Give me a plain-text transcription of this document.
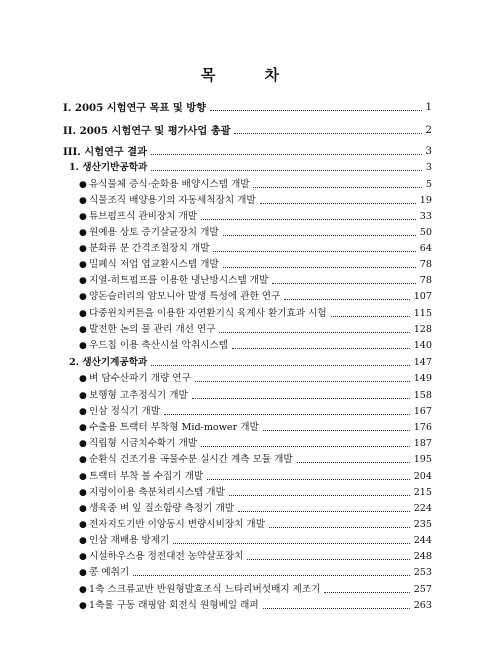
목 차
I. 2005 시험연구 목표 및 방향	1
II. 2005 시험연구 및 평가사업 총괄	2
III. 시험연구 결과	3
1. 생산기반공학과	3
● 유식물체 증식·순화용 배양시스템 개발	5
● 식물조직 배양용기의 자동세척장치 개발	19
● 튜브펌프식 관비장치 개발	33
● 원예용 상토 증기살균장치 개발	50
● 분화류 분 간격조절장치 개발	64
● 밀폐식 저업 엽교환시스템 개발	78
● 지열-히트펌프를 이용한 냉난방시스템 개발	78
● 양돈슬러리의 암모니아 발생 특성에 관한 연구	107
● 다중윈치커튼을 이용한 자연환기식 육계사 환기효과 시험	115
● 발전한 논의 물 관리 개선 연구	128
● 우드칩 이용 축산시설 악취시스템	140
2. 생산기계공학과	147
● 벼 담수산파기 개량 연구	149
● 보행형 고추정식기 개발	158
● 인삼 정식기 개발	167
● 수출용 트랙터 부착형 Mid-mower 개발	176
● 직립형 시금치수확기 개발	187
● 순환식 건조기용 곡물수분 실시간 계측 모듈 개발	195
● 트랙터 부착 볼 수집기 개발	204
● 지렁이이용 축분처리시스템 개발	215
● 생육중 벼 잎 질소함량 측정기 개발	224
● 전자지도기반 이앙동시 변량시비장치 개발	235
● 인삼 재배용 방제기	244
● 시설하우스용 정전대전 농약살포장치	248
● 콩 예취기	253
● 1축 스크류교반 반원형발효조식 느타리버섯배지 제조기	257
● 1축롤 구동 래핑암 회전식 원형베일 래퍼	263
